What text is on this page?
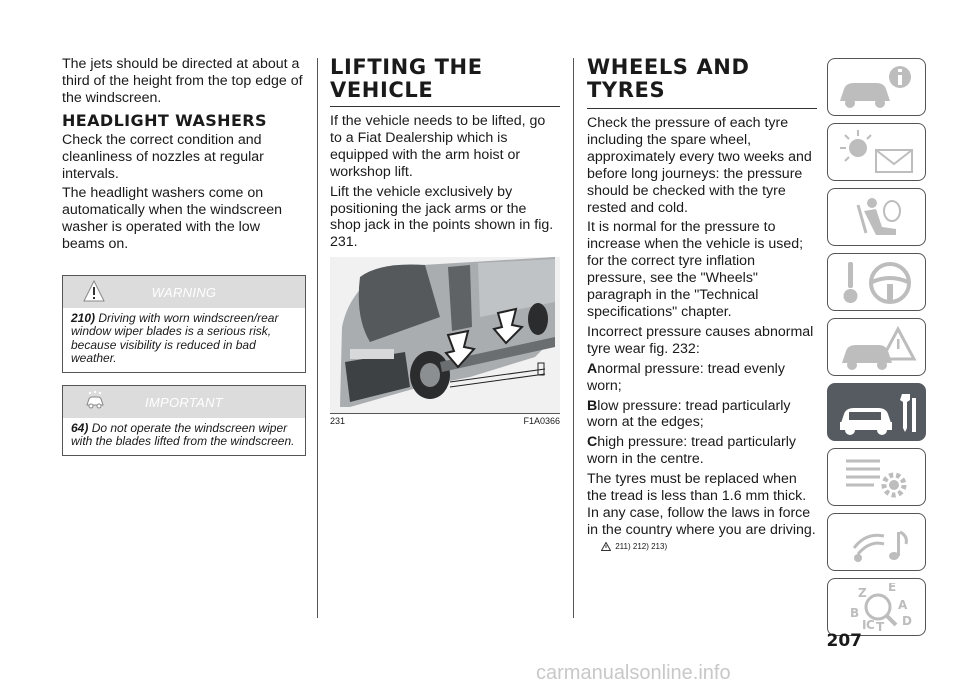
The jets should be directed at about a third of the height from the top edge of the windscreen.

HEADLIGHT WASHERS

Check the correct condition and cleanliness of nozzles at regular intervals.

The headlight washers come on automatically when the windscreen washer is operated with the low beams on.

WARNING
210) Driving with worn windscreen/rear window wiper blades is a serious risk, because visibility is reduced in bad weather.
IMPORTANT
64) Do not operate the windscreen wiper with the blades lifted from the windscreen.
LIFTING THE VEHICLE

If the vehicle needs to be lifted, go to a Fiat Dealership which is equipped with the arm hoist or workshop lift.

Lift the vehicle exclusively by positioning the jack arms or the shop jack in the points shown in fig. 231.

231	F1A0366
WHEELS AND TYRES

Check the pressure of each tyre including the spare wheel, approximately every two weeks and before long journeys: the pressure should be checked with the tyre rested and cold.

It is normal for the pressure to increase when the vehicle is used; for the correct tyre inflation pressure, see the "Wheels" paragraph in the "Technical specifications" chapter.

Incorrect pressure causes abnormal tyre wear fig. 232:

Anormal pressure: tread evenly worn;

Blow pressure: tread particularly worn at the edges;

Chigh pressure: tread particularly worn in the centre.

The tyres must be replaced when the tread is less than 1.6 mm thick. In any case, follow the laws in force in the country where you are driving.

211) 212) 213)
Z E
B
A
C T D
I
207
carmanualsonline.info
